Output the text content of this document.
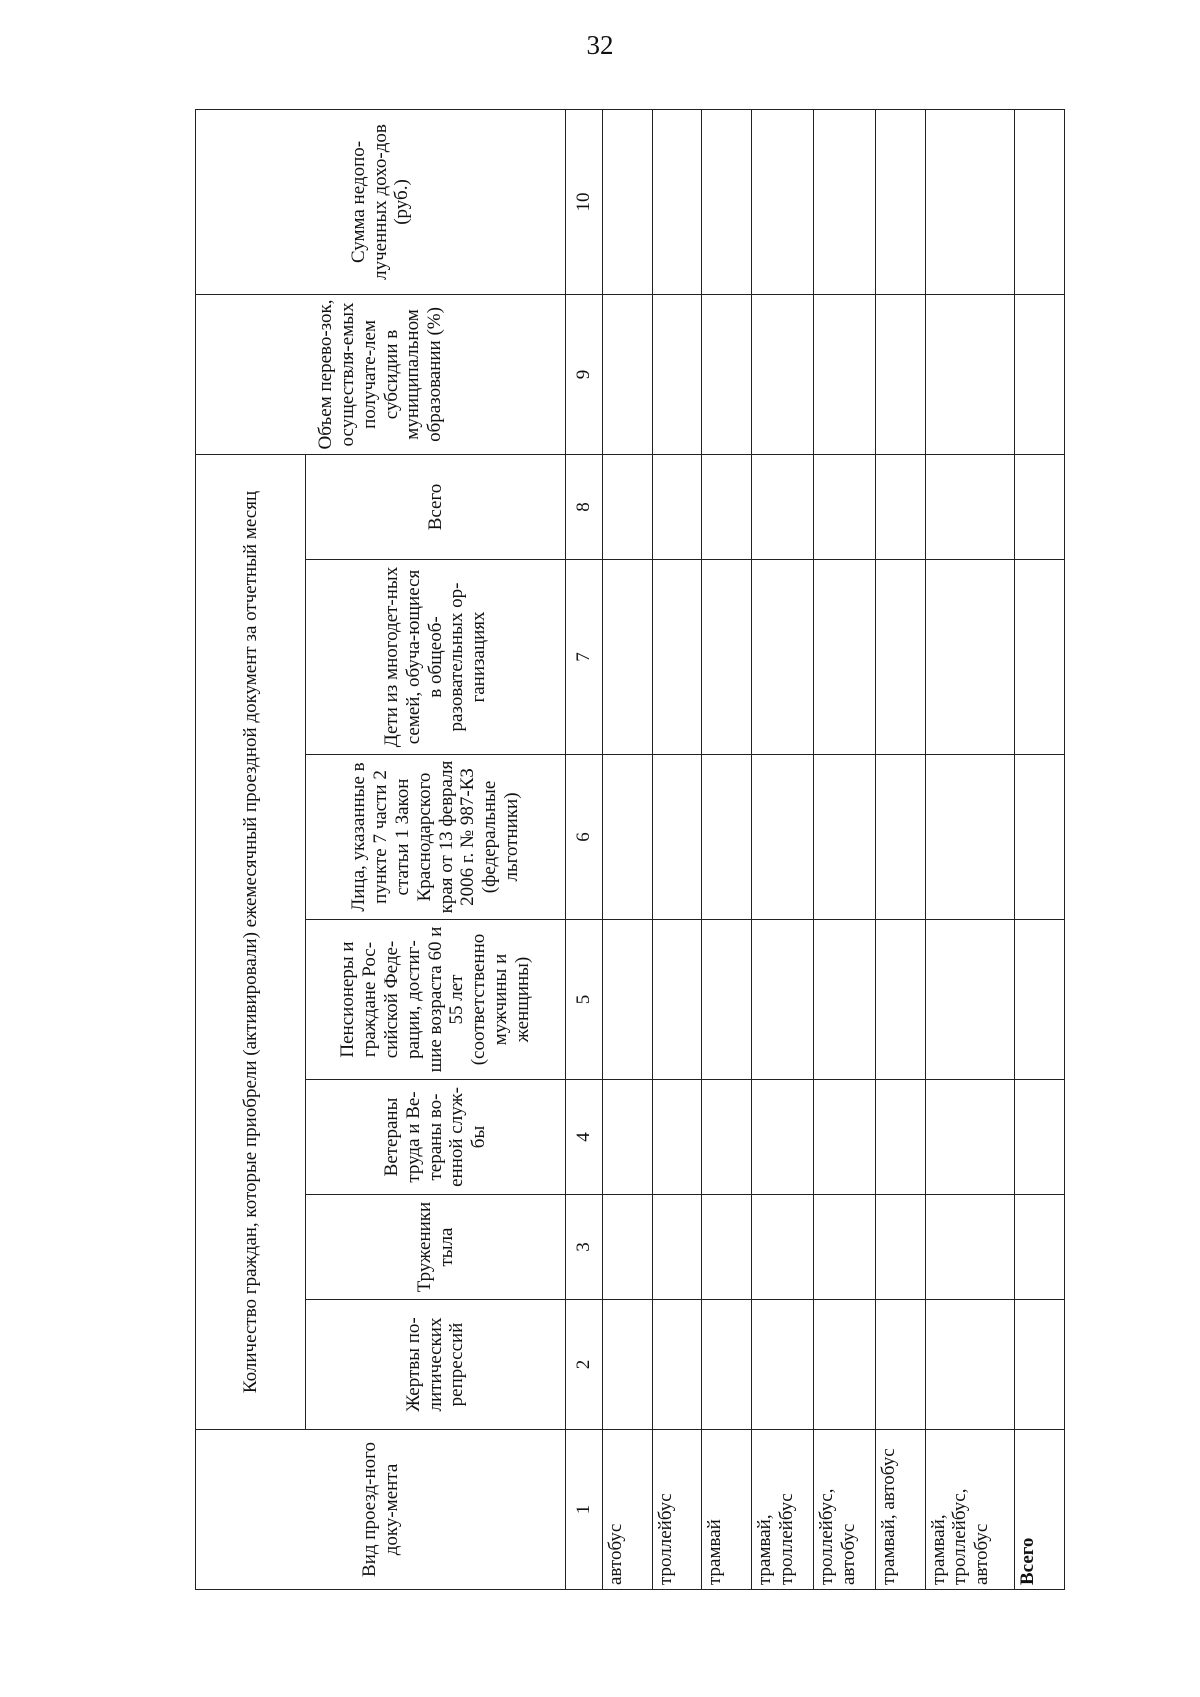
32
Вид проезд-ного доку-мента	Количество граждан, которые приобрели (активировали) ежемесячный проездной документ за отчетный месяц							Объем перево-зок, осуществля-емых получате-лем субсидии в муниципальном образовании (%)	Сумма недопо-лученных дохо-дов (руб.)
	Жертвы по-литических репрессий	Труженики тыла	Ветераны труда и Ве-тераны во-енной служ-бы	Пенсионеры и граждане Рос-сийской Феде-рации, достиг-шие возраста 60 и 55 лет (соответственно мужчины и женщины)	Лица, указанные в пункте 7 части 2 статьи 1 Закон Краснодарского края от 13 февраля 2006 г. № 987-КЗ (федеральные льготники)	Дети из многодет-ных семей, обуча-ющиеся в общеоб-разовательных ор-ганизациях	Всего		
1	2	3	4	5	6	7	8	9	10
автобус									
троллейбус									
трамвай									
трамвай, троллейбус									
троллейбус, автобус									
трамвай, автобус									
трамвай, троллейбус, автобус									
Всего									
